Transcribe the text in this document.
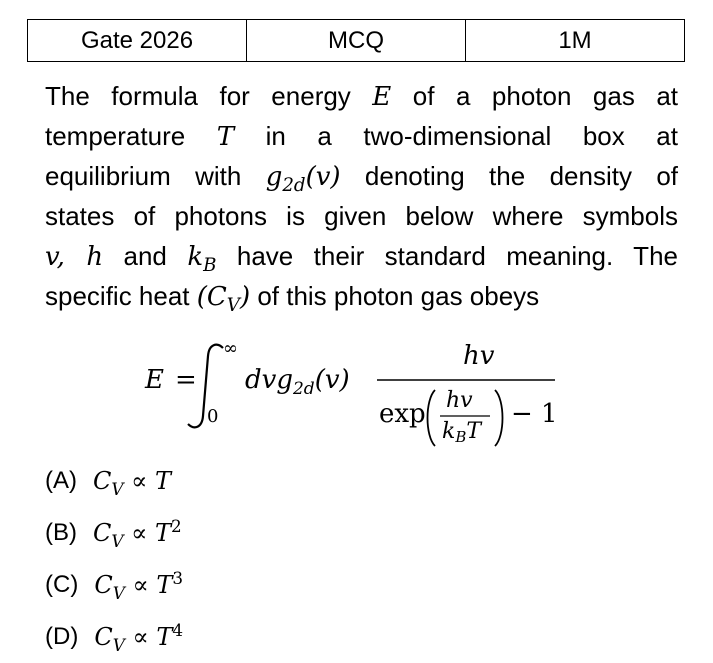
Gate 2026	MCQ	1M
The formula for energy E of a photon gas at
temperature T in a two-dimensional box at
equilibrium with $g_{2d}(v)$ denoting the density of
states of photons is given below where symbols
v, h and $k_B$ have their standard meaning. The
specific heat $(C_V)$ of this photon gas obeys
E =
∞
0
dvg$_{2d}$(v)
hv
exp hv
kBT
− 1
(A) $C_V \propto T$
(B) $C_V \propto T^2$
(C) $C_V \propto T^3$
(D) $C_V \propto T^4$
